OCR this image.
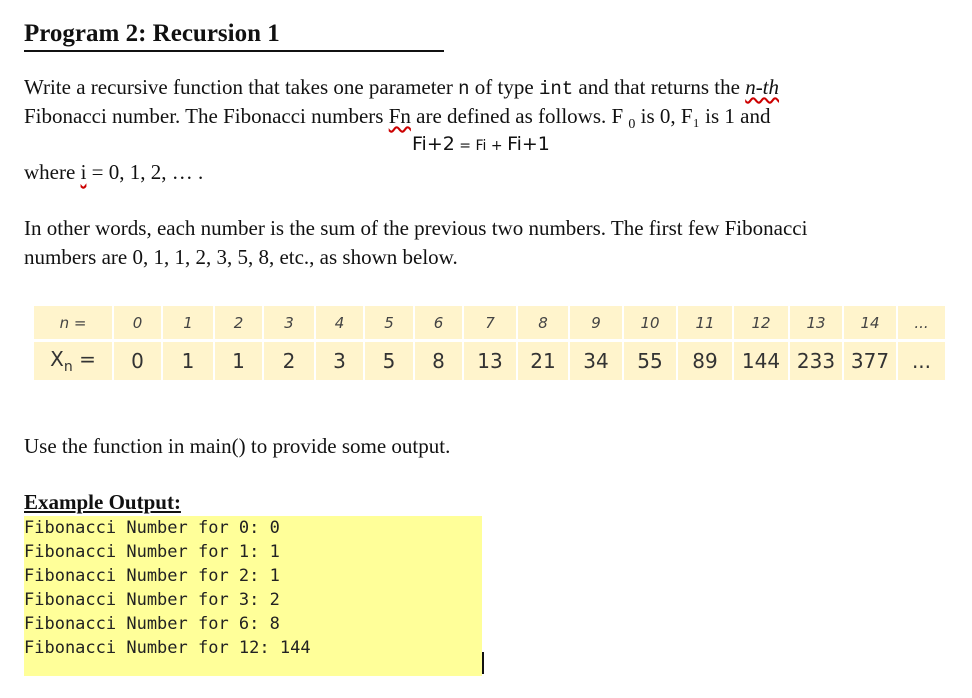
Program 2: Recursion 1
Write a recursive function that takes one parameter n of type int and that returns the n-th
Fibonacci number. The Fibonacci numbers Fn are defined as follows. F $_0$ is 0, F₁ is 1 and
Fi+2 = Fi + Fi+1
where i = 0, 1, 2, … .
In other words, each number is the sum of the previous two numbers. The first few Fibonacci
numbers are 0, 1, 1, 2, 3, 5, 8, etc., as shown below.
n =	0	1	2	3	4	5	6	7	8	9	10	11	12	13	14	...
$X_n$ =	0	1	1	2	3	5	8	13	21	34	55	89	144	233	377	...
Use the function in main() to provide some output.
Example Output:
Fibonacci Number for 0: 0
Fibonacci Number for 1: 1
Fibonacci Number for 2: 1
Fibonacci Number for 3: 2
Fibonacci Number for 6: 8
Fibonacci Number for 12: 144
